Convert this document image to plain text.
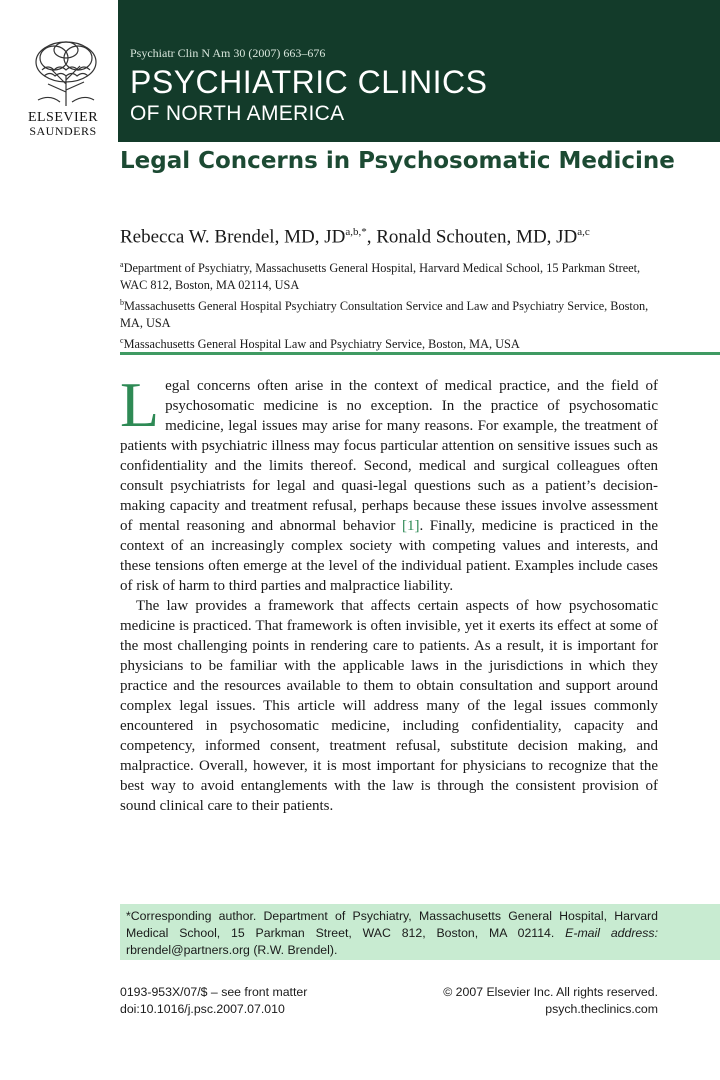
ELSEVIER
SAUNDERS
Psychiatr Clin N Am 30 (2007) 663–676
PSYCHIATRIC CLINICS
OF NORTH AMERICA
Legal Concerns in Psychosomatic Medicine
Rebecca W. Brendel, MD, $JD^{a,b,*}$, Ronald Schouten, MD, JD$^{a,c}$
$^a$Department of Psychiatry, Massachusetts General Hospital, Harvard Medical School, 15 Parkman Street, WAC 812, Boston, MA 02114, USA
$^b$Massachusetts General Hospital Psychiatry Consultation Service and Law and Psychiatry Service, Boston, MA, USA
$^c$Massachusetts General Hospital Law and Psychiatry Service, Boston, MA, USA

Legal concerns often arise in the context of medical practice, and the field of psychosomatic medicine is no exception. In the practice of psychosomatic medicine, legal issues may arise for many reasons. For example, the treatment of patients with psychiatric illness may focus particular attention on sensitive issues such as confidentiality and the limits thereof. Second, medical and surgical colleagues often consult psychiatrists for legal and quasi-legal questions such as a patient’s decision-making capacity and treatment refusal, perhaps because these issues involve assessment of mental reasoning and abnormal behavior [1]. Finally, medicine is practiced in the context of an increasingly complex society with competing values and interests, and these tensions often emerge at the level of the individual patient. Examples include cases of risk of harm to third parties and malpractice liability.

The law provides a framework that affects certain aspects of how psychosomatic medicine is practiced. That framework is often invisible, yet it exerts its effect at some of the most challenging points in rendering care to patients. As a result, it is important for physicians to be familiar with the applicable laws in the jurisdictions in which they practice and the resources available to them to obtain consultation and support around complex legal issues. This article will address many of the legal issues commonly encountered in psychosomatic medicine, including confidentiality, capacity and competency, informed consent, treatment refusal, substitute decision making, and malpractice. Overall, however, it is most important for physicians to recognize that the best way to avoid entanglements with the law is through the consistent provision of sound clinical care to their patients.

*Corresponding author. Department of Psychiatry, Massachusetts General Hospital, Harvard Medical School, 15 Parkman Street, WAC 812, Boston, MA 02114. E-mail address: rbrendel@partners.org (R.W. Brendel).
0193-953X/07/$ – see front matter	© 2007 Elsevier Inc. All rights reserved.
doi:10.1016/j.psc.2007.07.010	psych.theclinics.com
